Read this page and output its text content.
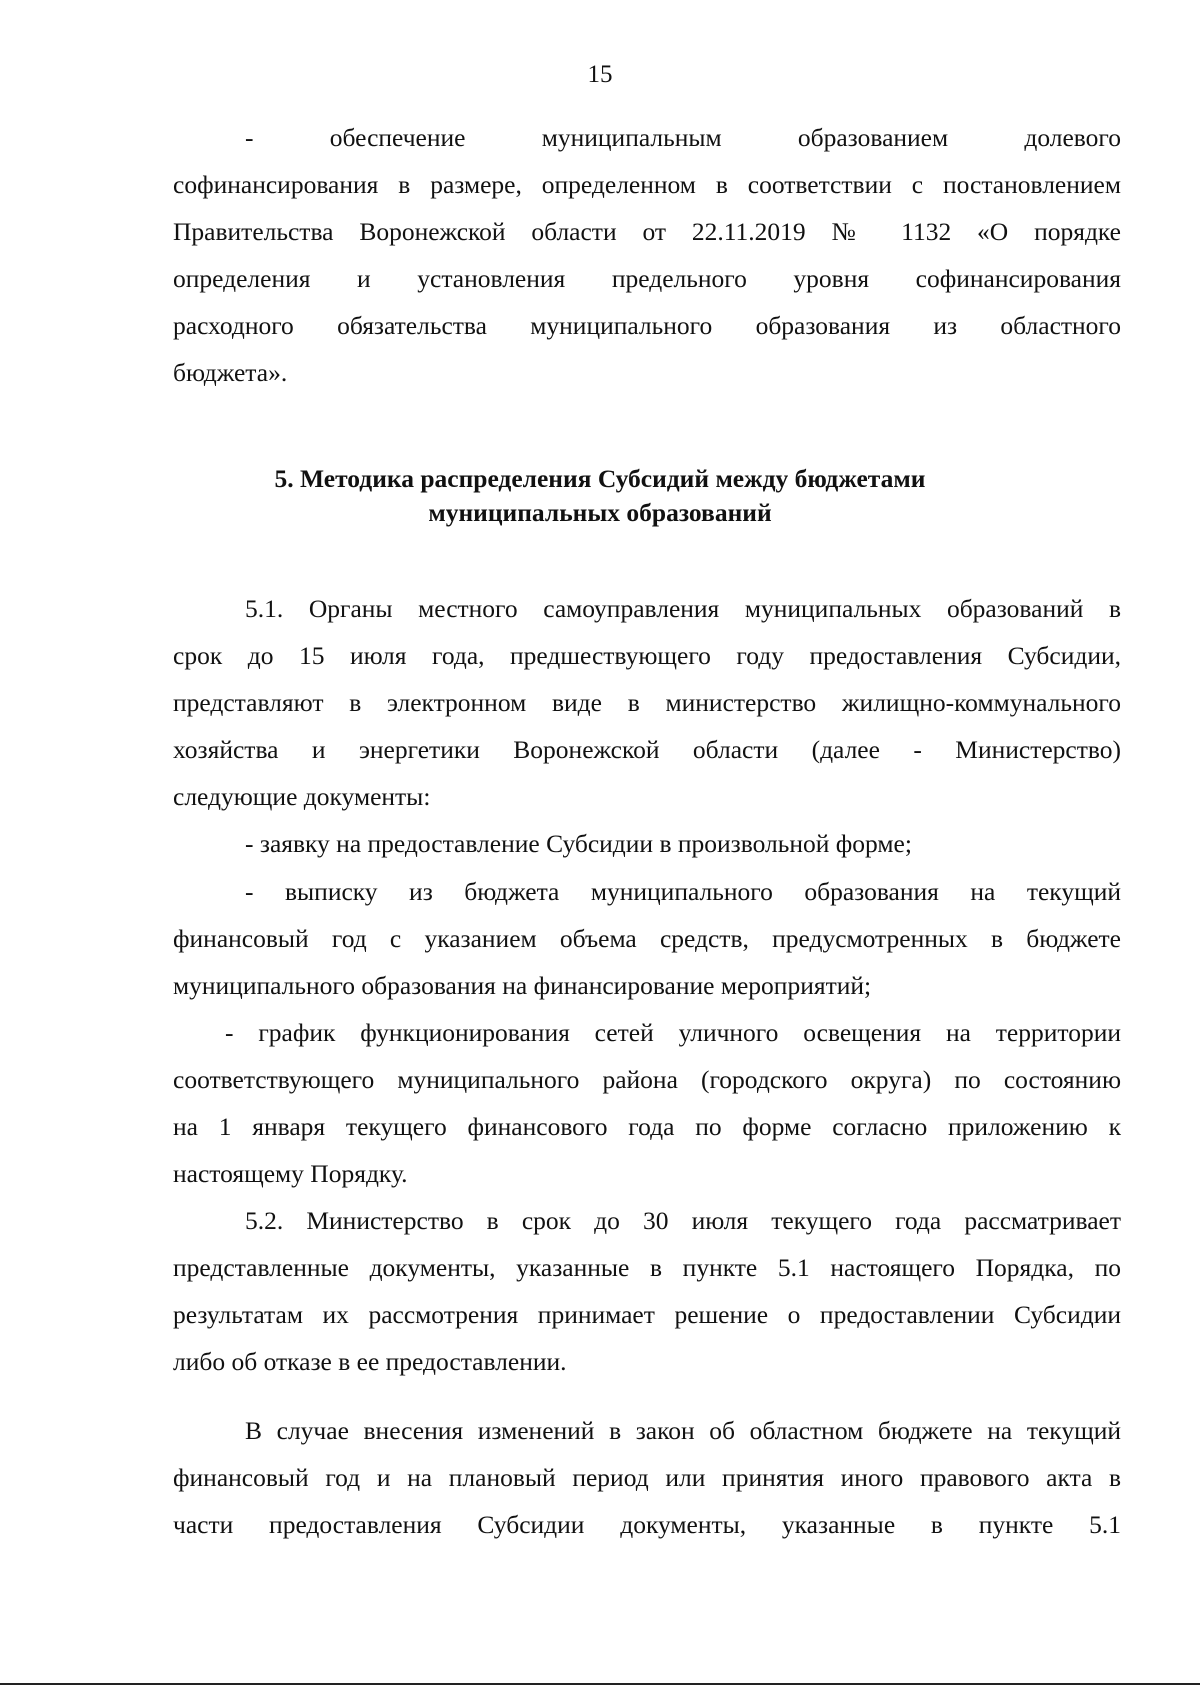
15
- обеспечение муниципальным образованием долевого
софинансирования в размере, определенном в соответствии с постановлением
Правительства Воронежской области от 22.11.2019 № 1132 «О порядке
определения и установления предельного уровня софинансирования
расходного обязательства муниципального образования из областного
бюджета».
5. Методика распределения Субсидий между бюджетами
муниципальных образований
5.1. Органы местного самоуправления муниципальных образований в
срок до 15 июля года, предшествующего году предоставления Субсидии,
представляют в электронном виде в министерство жилищно-коммунального
хозяйства и энергетики Воронежской области (далее - Министерство)
следующие документы:
- заявку на предоставление Субсидии в произвольной форме;
- выписку из бюджета муниципального образования на текущий
финансовый год с указанием объема средств, предусмотренных в бюджете
муниципального образования на финансирование мероприятий;
- график функционирования сетей уличного освещения на территории
соответствующего муниципального района (городского округа) по состоянию
на 1 января текущего финансового года по форме согласно приложению к
настоящему Порядку.
5.2. Министерство в срок до 30 июля текущего года рассматривает
представленные документы, указанные в пункте 5.1 настоящего Порядка, по
результатам их рассмотрения принимает решение о предоставлении Субсидии
либо об отказе в ее предоставлении.
В случае внесения изменений в закон об областном бюджете на текущий
финансовый год и на плановый период или принятия иного правового акта в
части предоставления Субсидии документы, указанные в пункте 5.1
